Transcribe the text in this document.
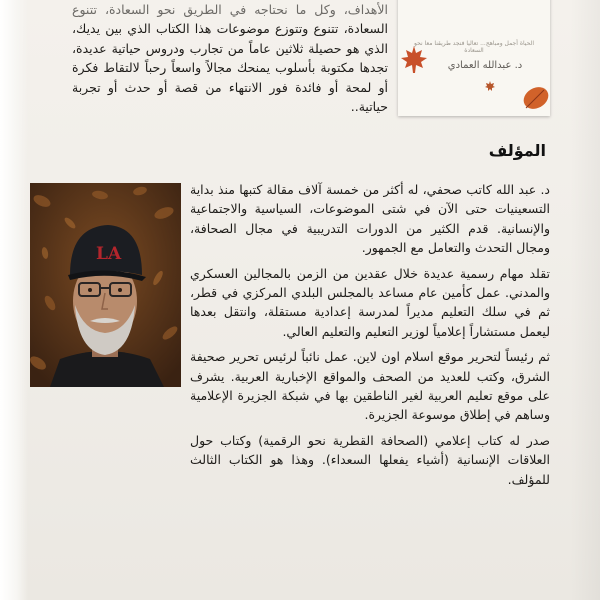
الأهداف، وكل ما نحتاجه في الطريق نحو السعادة، تتنوع السعادة، تتنوع وتتوزع موضوعات هذا الكتاب الذي بين يديك، الذي هو حصيلة ثلاثين عاماً من تجارب ودروس حياتية عديدة، تجدها مكتوبة بأسلوب يمنحك مجالاً واسعاً رحباً لالتقاط فكرة أو لمحة أو فائدة فور الانتهاء من قصة أو حدث أو تجربة حياتية..

الحياة أجمل ومباهج... تعاليا فنجد طريقنا معا نحو السعادة
د. عبدالله العمادي
المؤلف
LA

د. عبد الله كاتب صحفي، له أكثر من خمسة آلاف مقالة كتبها منذ بداية التسعينيات حتى الآن في شتى الموضوعات، السياسية والاجتماعية والإنسانية. قدم الكثير من الدورات التدريبية في مجال الصحافة، ومجال التحدث والتعامل مع الجمهور.

تقلد مهام رسمية عديدة خلال عقدين من الزمن بالمجالين العسكري والمدني. عمل كأمين عام مساعد بالمجلس البلدي المركزي في قطر، ثم في سلك التعليم مديراً لمدرسة إعدادية مستقلة، وانتقل بعدها ليعمل مستشاراً إعلامياً لوزير التعليم والتعليم العالي.

ثم رئيساً لتحرير موقع اسلام اون لاين. عمل نائباً لرئيس تحرير صحيفة الشرق، وكتب للعديد من الصحف والمواقع الإخبارية العربية. يشرف على موقع تعليم العربية لغير الناطقين بها في شبكة الجزيرة الإعلامية وساهم في إطلاق موسوعة الجزيرة.

صدر له كتاب إعلامي (الصحافة القطرية نحو الرقمية) وكتاب حول العلاقات الإنسانية (أشياء يفعلها السعداء). وهذا هو الكتاب الثالث للمؤلف.
